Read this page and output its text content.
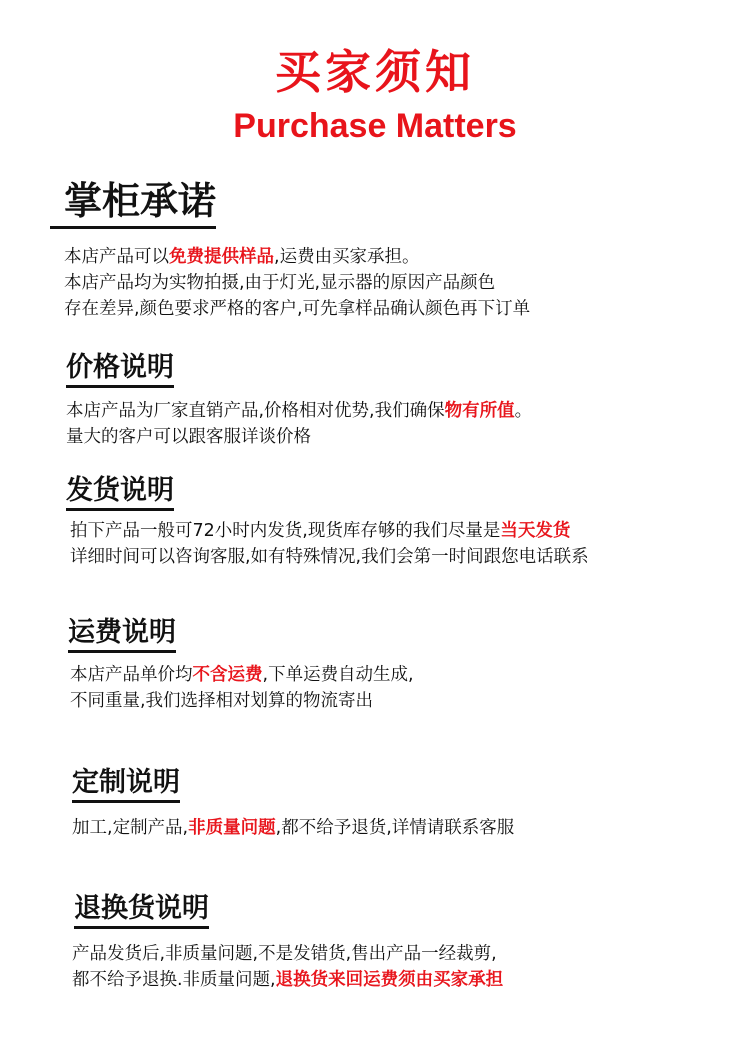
买家须知
Purchase Matters
掌柜承诺
本店产品可以免费提供样品,运费由买家承担。
本店产品均为实物拍摄,由于灯光,显示器的原因产品颜色
存在差异,颜色要求严格的客户,可先拿样品确认颜色再下订单
价格说明
本店产品为厂家直销产品,价格相对优势,我们确保物有所值。
量大的客户可以跟客服详谈价格
发货说明
拍下产品一般可72小时内发货,现货库存够的我们尽量是当天发货
详细时间可以咨询客服,如有特殊情况,我们会第一时间跟您电话联系
运费说明
本店产品单价均不含运费,下单运费自动生成,
不同重量,我们选择相对划算的物流寄出
定制说明
加工,定制产品,非质量问题,都不给予退货,详情请联系客服
退换货说明
产品发货后,非质量问题,不是发错货,售出产品一经裁剪,
都不给予退换.非质量问题,退换货来回运费须由买家承担
